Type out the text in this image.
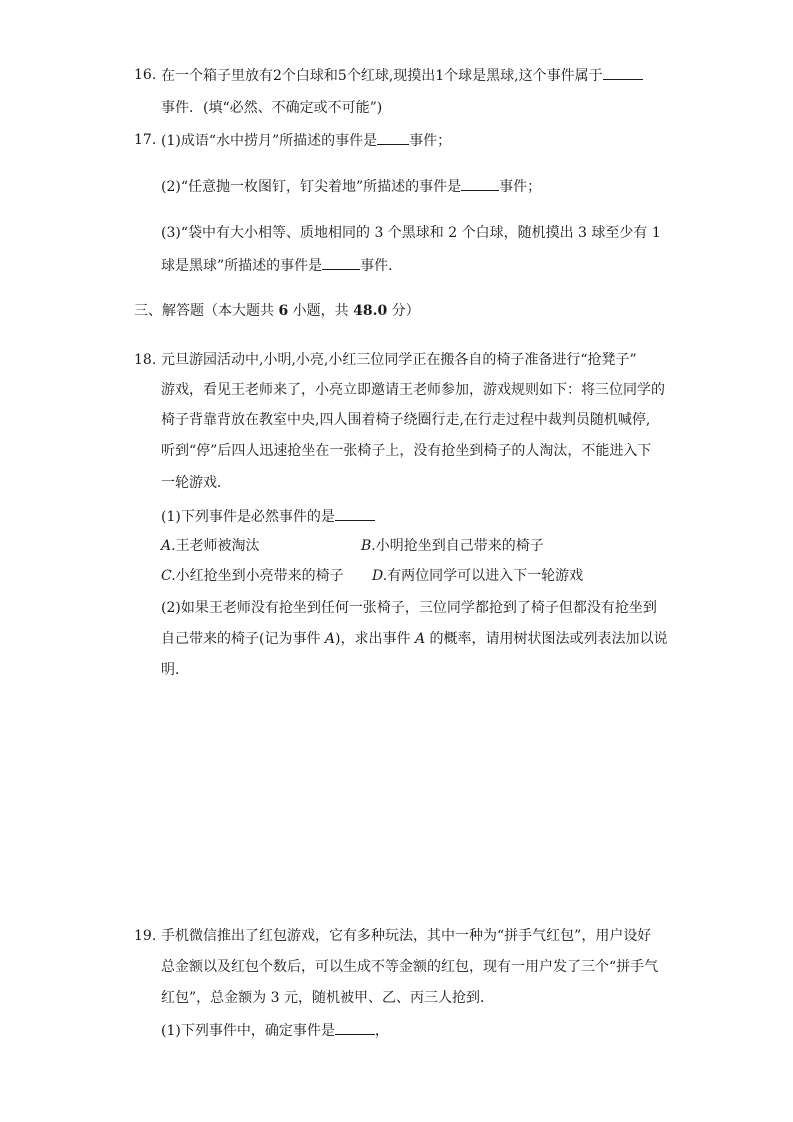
16. 在一个箱子里放有2个白球和5个红球,现摸出1个球是黑球,这个事件属于
事件．(填“必然、不确定或不可能”)
17. (1)成语“水中捞月”所描述的事件是 事件；
(2)“任意抛一枚图钉，钉尖着地”所描述的事件是	事件；
(3)“袋中有大小相等、质地相同的 3 个黑球和 2 个白球，随机摸出 3 球至少有 1
球是黑球”所描述的事件是	事件．
三、解答题（本大题共 6 小题，共 48.0 分）
18. 元旦游园活动中,小明,小亮,小红三位同学正在搬各自的椅子准备进行“抢凳子”
游戏，看见王老师来了，小亮立即邀请王老师参加，游戏规则如下：将三位同学的
椅子背靠背放在教室中央,四人围着椅子绕圈行走,在行走过程中裁判员随机喊停,
听到“停”后四人迅速抢坐在一张椅子上，没有抢坐到椅子的人淘汰，不能进入下
一轮游戏．
(1)下列事件是必然事件的是
A.王老师被淘汰	B.小明抢坐到自己带来的椅子
C.小红抢坐到小亮带来的椅子 D.有两位同学可以进入下一轮游戏
(2)如果王老师没有抢坐到任何一张椅子，三位同学都抢到了椅子但都没有抢坐到
自己带来的椅子(记为事件 A)，求出事件 A 的概率，请用树状图法或列表法加以说
明．
19. 手机微信推出了红包游戏，它有多种玩法，其中一种为“拼手气红包”，用户设好
总金额以及红包个数后，可以生成不等金额的红包，现有一用户发了三个“拼手气
红包”，总金额为 3 元，随机被甲、乙、丙三人抢到．
(1)下列事件中，确定事件是	，
